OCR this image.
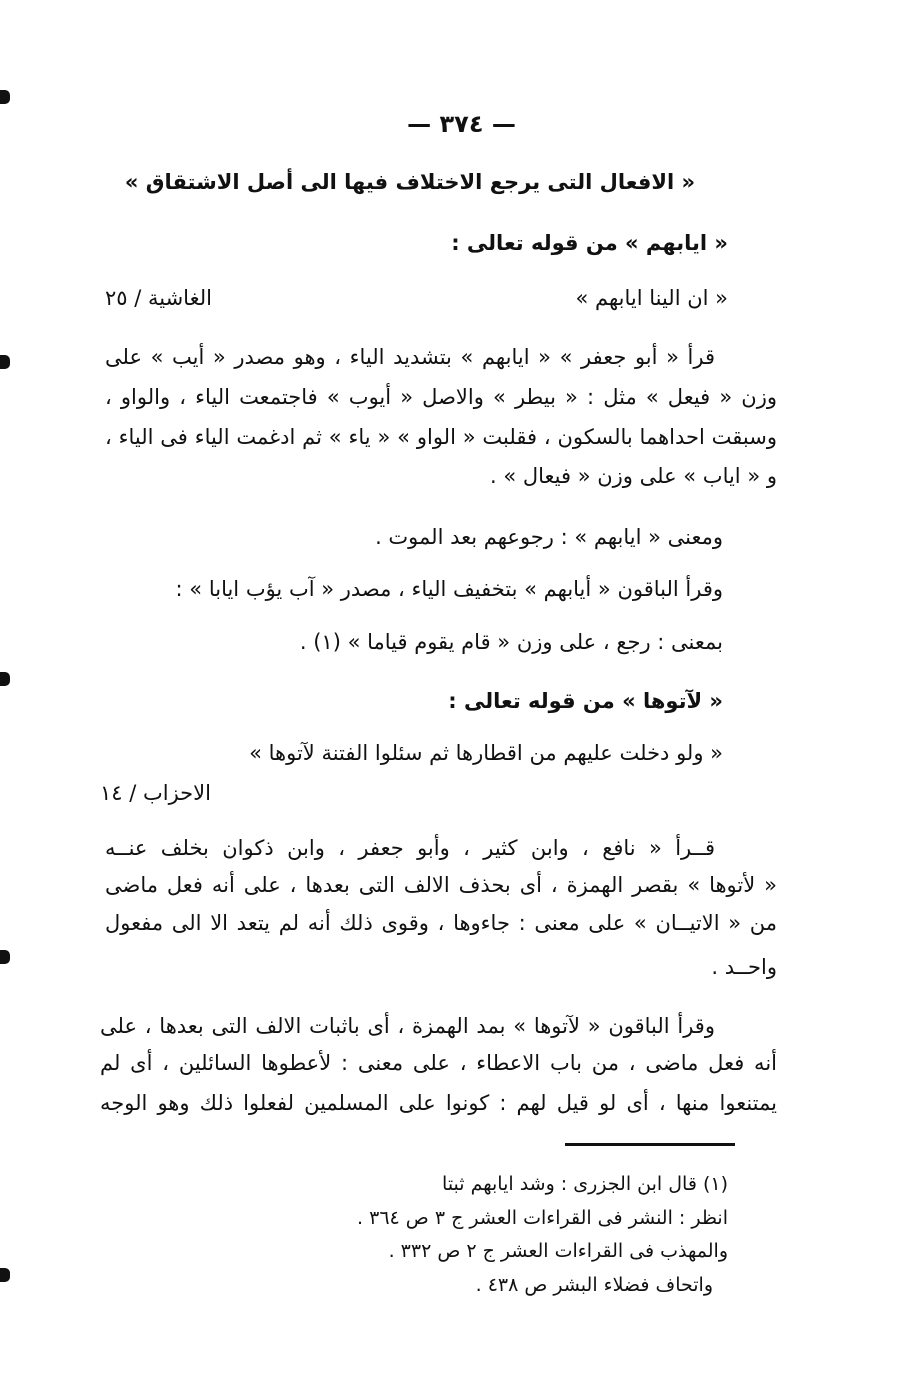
— ٣٧٤ —
« الافعال التى يرجع الاختلاف فيها الى أصل الاشتقاق »
« ايابهم » من قوله تعالى :
« ان الينا ايابهم »
الغاشية / ٢٥
قرأ « أبو جعفر » « ايابهم » بتشديد الياء ، وهو مصدر « أيب » على
وزن « فيعل » مثل : « بيطر » والاصل « أيوب » فاجتمعت الياء ، والواو ،
وسبقت احداهما بالسكون ، فقلبت « الواو » « ياء » ثم ادغمت الياء فى الياء ،
و « اياب » على وزن « فيعال » .
ومعنى « ايابهم » : رجوعهم بعد الموت .
وقرأ الباقون « أيابهم » بتخفيف الياء ، مصدر « آب يؤب ايابا » :
بمعنى : رجع ، على وزن « قام يقوم قياما » (١) .
« لآتوها » من قوله تعالى :
« ولو دخلت عليهم من اقطارها ثم سئلوا الفتنة لآتوها »
الاحزاب / ١٤
قــرأ « نافع ، وابن كثير ، وأبو جعفر ، وابن ذكوان بخلف عنــه
« لأتوها » بقصر الهمزة ، أى بحذف الالف التى بعدها ، على أنه فعل ماضى
من « الاتيــان » على معنى : جاءوها ، وقوى ذلك أنه لم يتعد الا الى مفعول
واحــد .
وقرأ الباقون « لآتوها » بمد الهمزة ، أى باثبات الالف التى بعدها ، على
أنه فعل ماضى ، من باب الاعطاء ، على معنى : لأعطوها السائلين ، أى لم
يمتنعوا منها ، أى لو قيل لهم : كونوا على المسلمين لفعلوا ذلك وهو الوجه
(١) قال ابن الجزرى : وشد ايابهم ثبتا
انظر : النشر فى القراءات العشر ج ٣ ص ٣٦٤ .
والمهذب فى القراءات العشر ج ٢ ص ٣٣٢ .
واتحاف فضلاء البشر ص ٤٣٨ .
